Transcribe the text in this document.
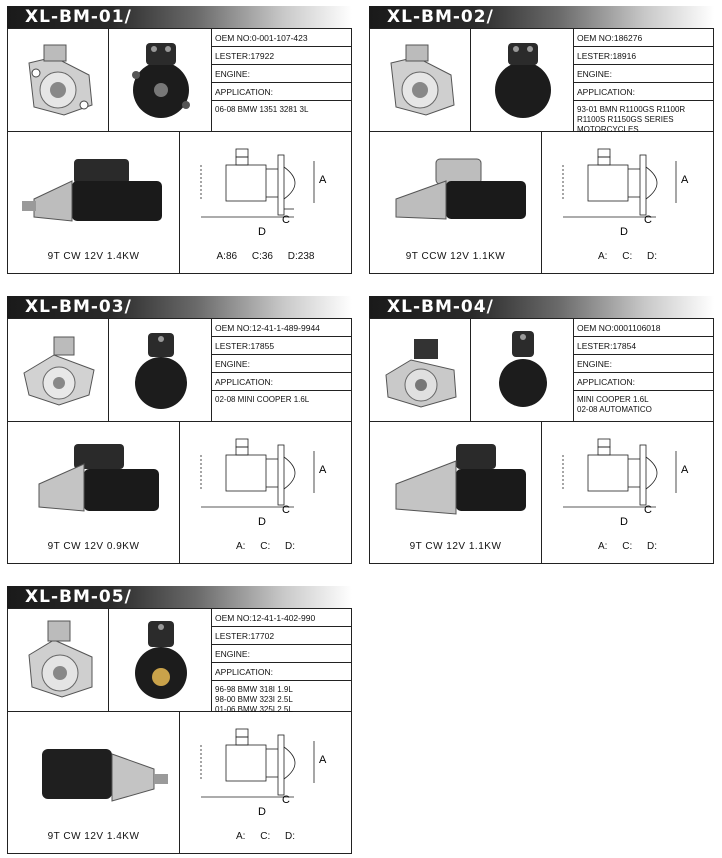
XL-BM-01/
OEM NO:0-001-107-423
LESTER:17922
ENGINE:
APPLICATION:
06-08 BMW 1351 3281 3L
A
C
D
9T CW 12V 1.4KW	A:86 C:36 D:238
XL-BM-02/
OEM NO:186276
LESTER:18916
ENGINE:
APPLICATION:
93-01 BMN R1100GS R1100R
R1100S R1150GS SERIES
MOTORCYCLES
A
C
D
9T CCW 12V 1.1KW	A: C: D:
XL-BM-03/
OEM NO:12-41-1-489-9944
LESTER:17855
ENGINE:
APPLICATION:
02-08 MINI COOPER 1.6L
A
C
D
9T CW 12V 0.9KW	A: C: D:
XL-BM-04/
OEM NO:0001106018
LESTER:17854
ENGINE:
APPLICATION:
MINI COOPER 1.6L
02-08 AUTOMATICO
A
C
D
9T CW 12V 1.1KW	A: C: D:
XL-BM-05/
OEM NO:12-41-1-402-990
LESTER:17702
ENGINE:
APPLICATION:
96-98 BMW 318I 1.9L
98-00 BMW 323I 2.5L
01-06 BMW 325I 2.5L
A
C
D
9T CW 12V 1.4KW	A: C: D:
